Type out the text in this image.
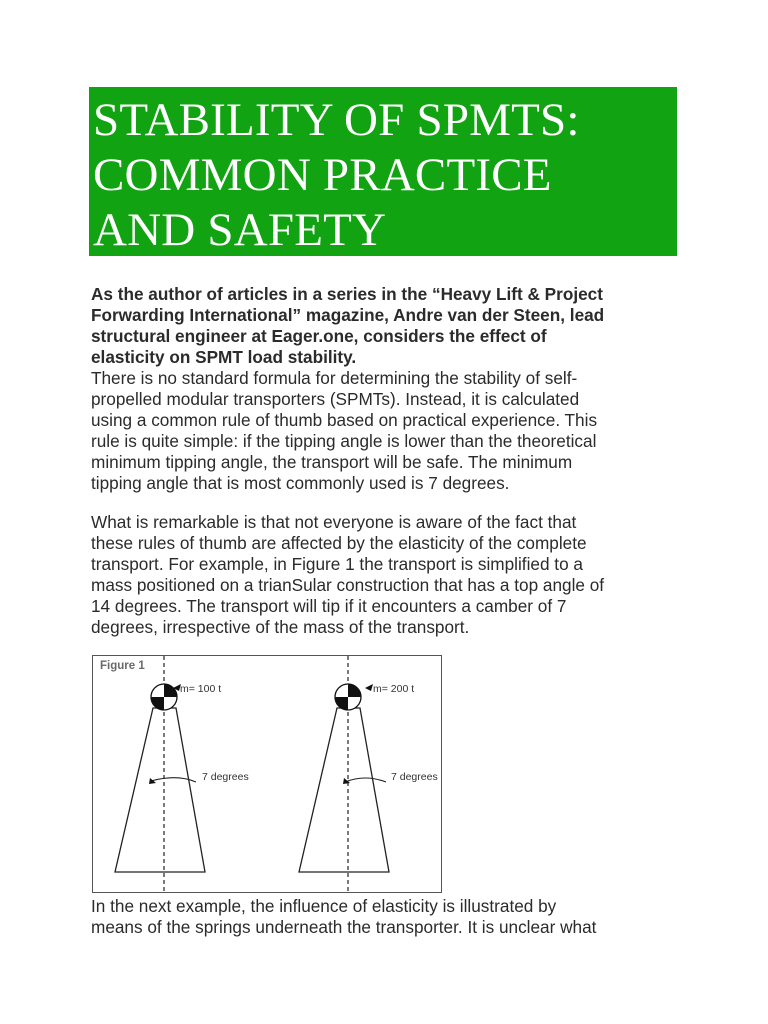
STABILITY OF SPMTS:
COMMON PRACTICE
AND SAFETY
As the author of articles in a series in the “Heavy Lift & Project
Forwarding International” magazine, Andre van der Steen, lead
structural engineer at Eager.one, considers the effect of
elasticity on SPMT load stability.
There is no standard formula for determining the stability of self-
propelled modular transporters (SPMTs). Instead, it is calculated
using a common rule of thumb based on practical experience. This
rule is quite simple: if the tipping angle is lower than the theoretical
minimum tipping angle, the transport will be safe. The minimum
tipping angle that is most commonly used is 7 degrees.
What is remarkable is that not everyone is aware of the fact that
these rules of thumb are affected by the elasticity of the complete
transport. For example, in Figure 1 the transport is simplified to a
mass positioned on a trianSular construction that has a top angle of
14 degrees. The transport will tip if it encounters a camber of 7
degrees, irrespective of the mass of the transport.
Figure 1
m= 100 t	m= 200 t
7 degrees	7 degrees
In the next example, the influence of elasticity is illustrated by
means of the springs underneath the transporter. It is unclear what
